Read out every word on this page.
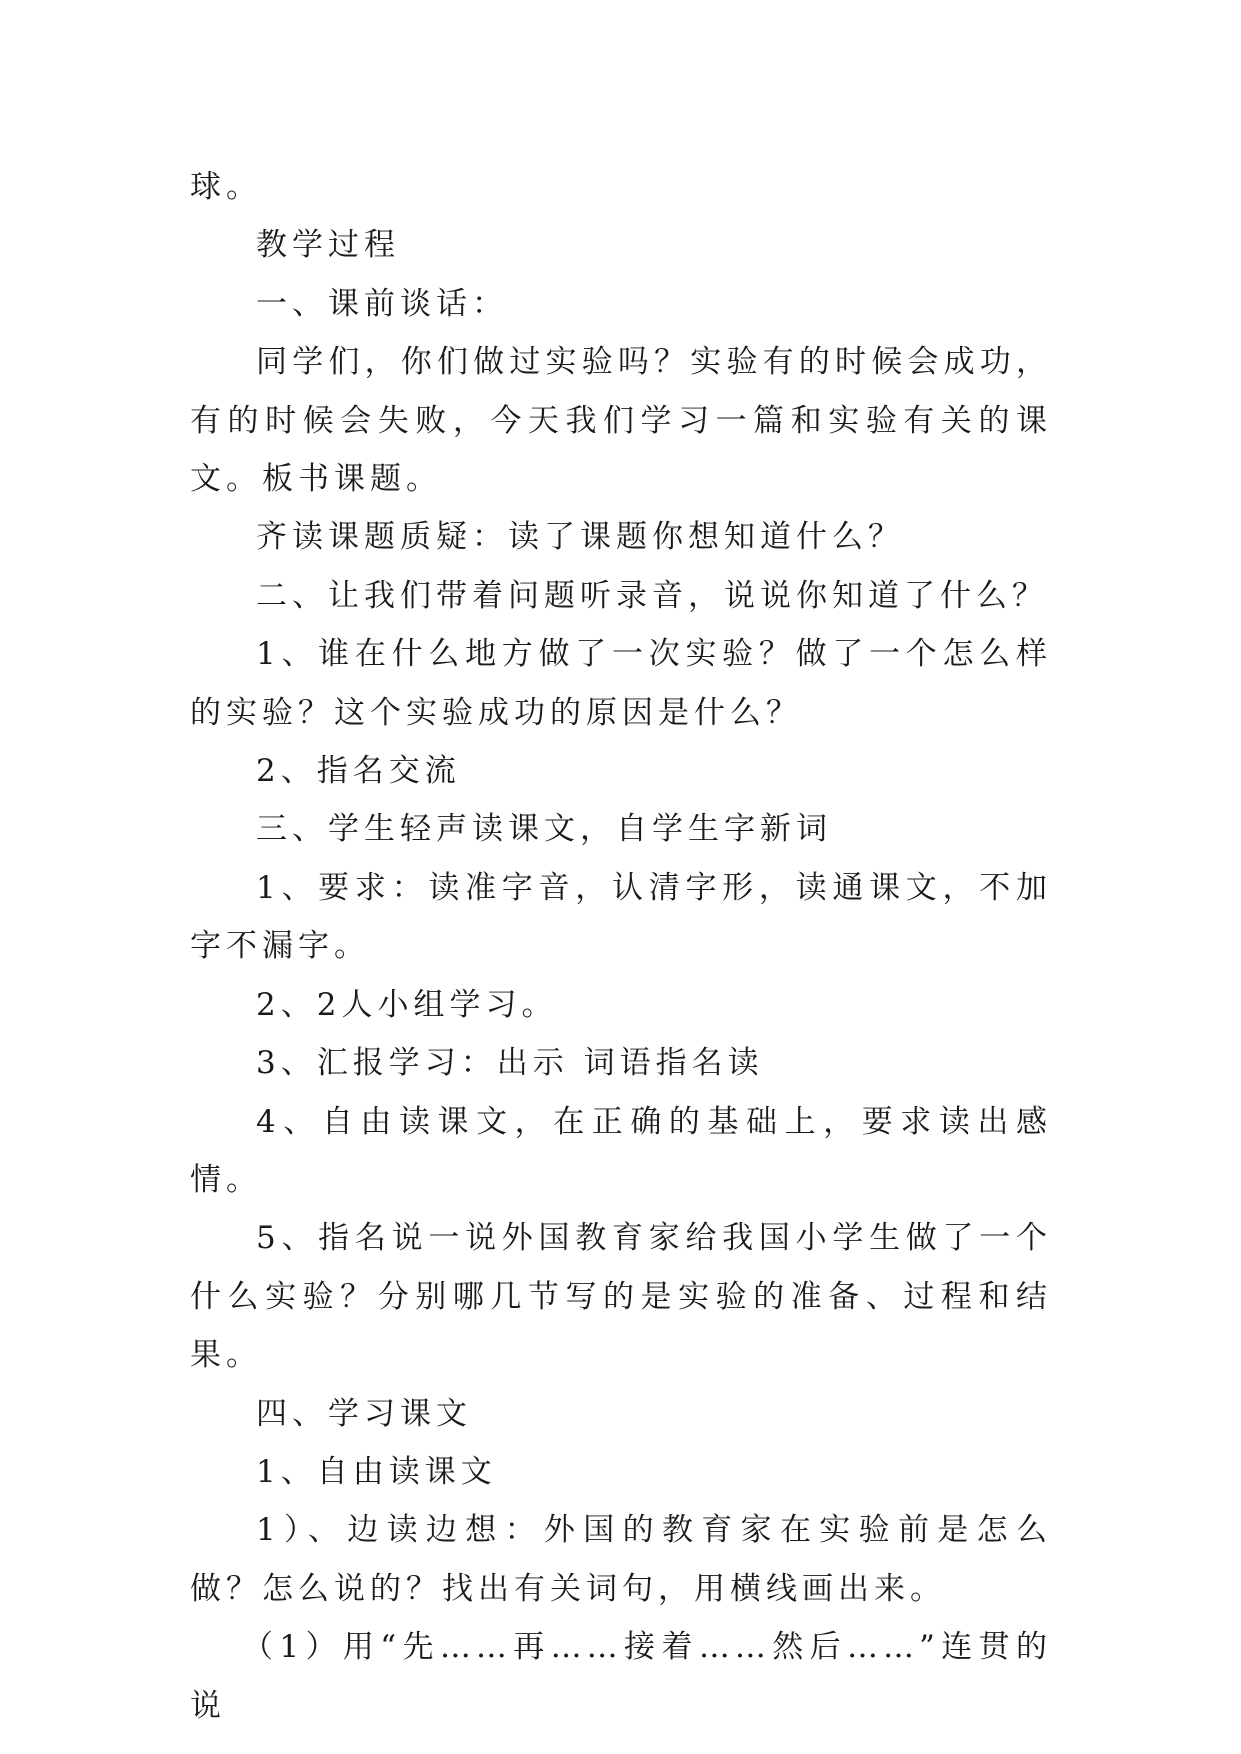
球。

教学过程

一、课前谈话：

同学们，你们做过实验吗？实验有的时候会成功，有的时候会失败，今天我们学习一篇和实验有关的课文。板书课题。

齐读课题质疑：读了课题你想知道什么？

二、让我们带着问题听录音，说说你知道了什么？

1、谁在什么地方做了一次实验？做了一个怎么样的实验？这个实验成功的原因是什么？

2、指名交流

三、学生轻声读课文，自学生字新词

1、要求：读准字音，认清字形，读通课文，不加字不漏字。

2、2人小组学习。

3、汇报学习：出示 词语指名读

4、自由读课文，在正确的基础上，要求读出感情。

5、指名说一说外国教育家给我国小学生做了一个什么实验？分别哪几节写的是实验的准备、过程和结果。

四、学习课文

1、自由读课文

1）、边读边想：外国的教育家在实验前是怎么做？怎么说的？找出有关词句，用横线画出来。

（1）用“先……再……接着……然后……”连贯的说
